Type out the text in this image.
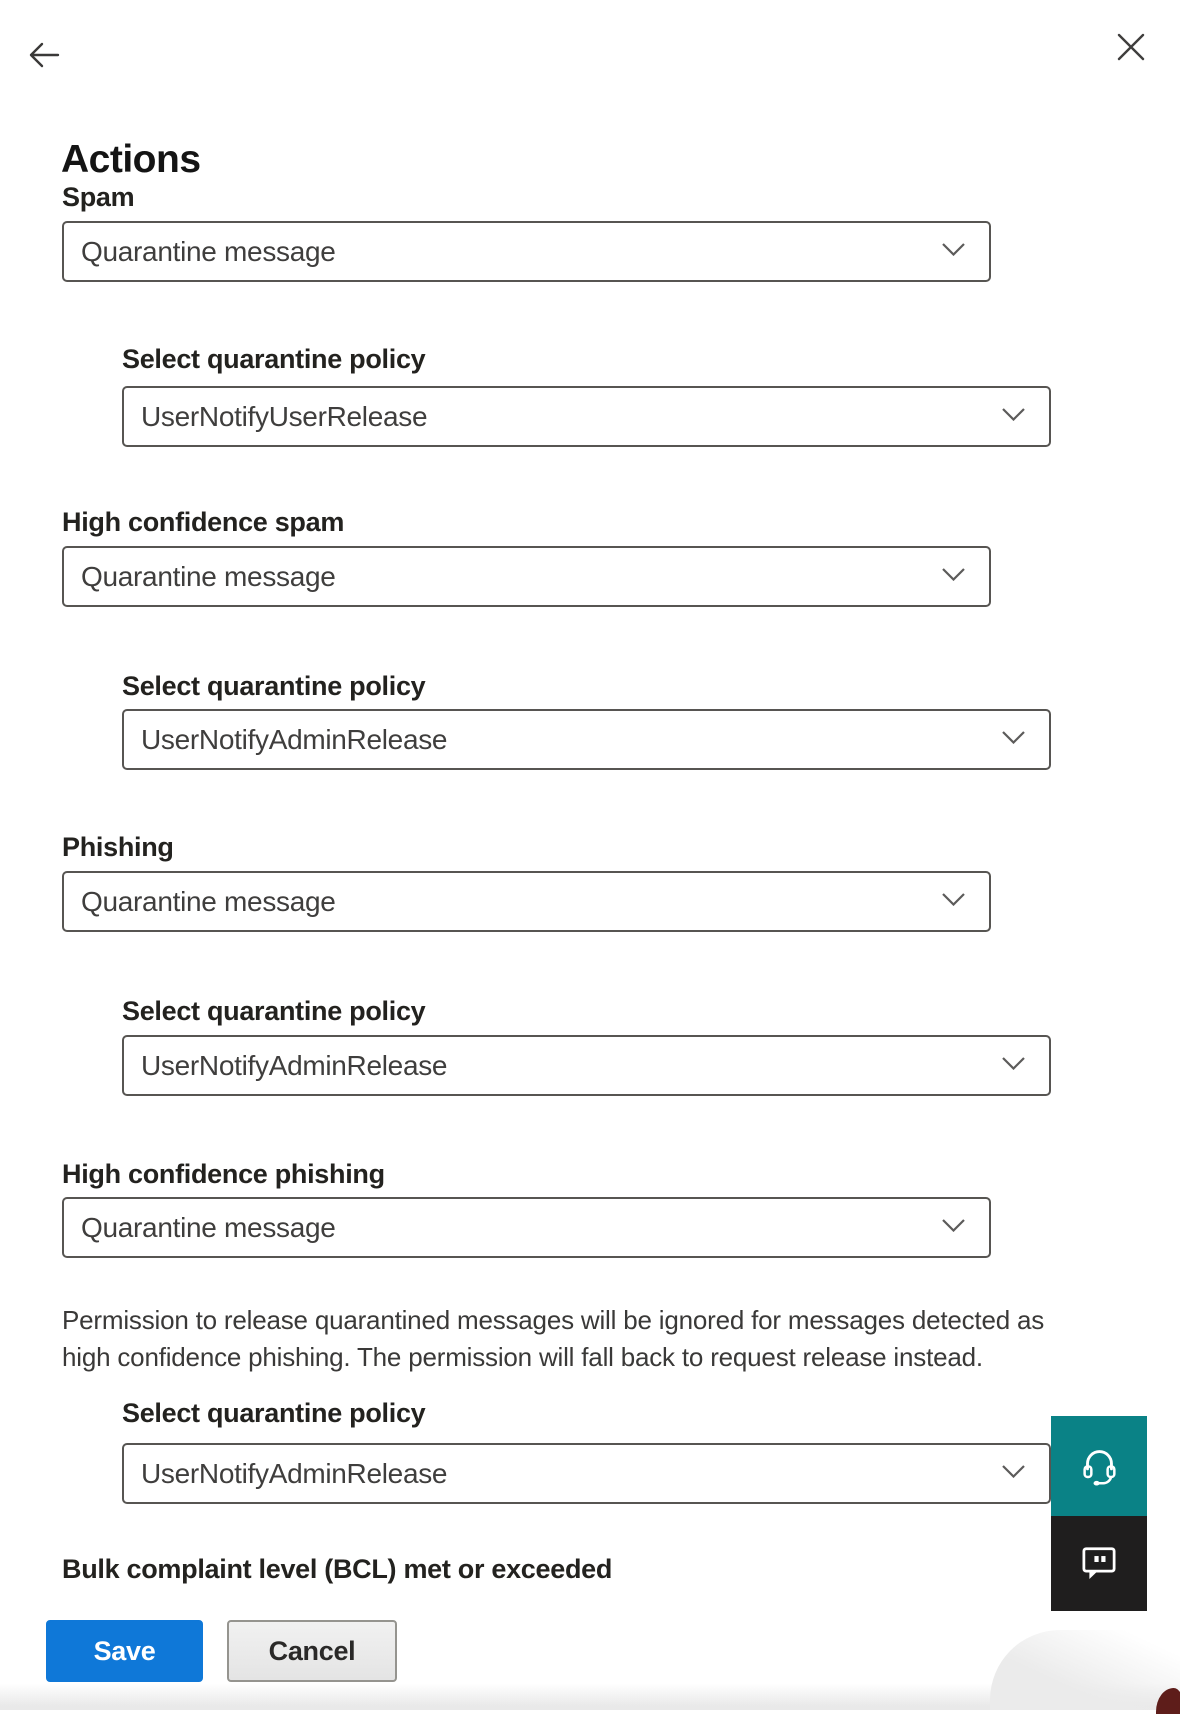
Actions
Spam
Quarantine message
Select quarantine policy
UserNotifyUserRelease
High confidence spam
Quarantine message
Select quarantine policy
UserNotifyAdminRelease
Phishing
Quarantine message
Select quarantine policy
UserNotifyAdminRelease
High confidence phishing
Quarantine message
Permission to release quarantined messages will be ignored for messages detected as
high confidence phishing. The permission will fall back to request release instead.
Select quarantine policy
UserNotifyAdminRelease
Bulk complaint level (BCL) met or exceeded
Save	Cancel
